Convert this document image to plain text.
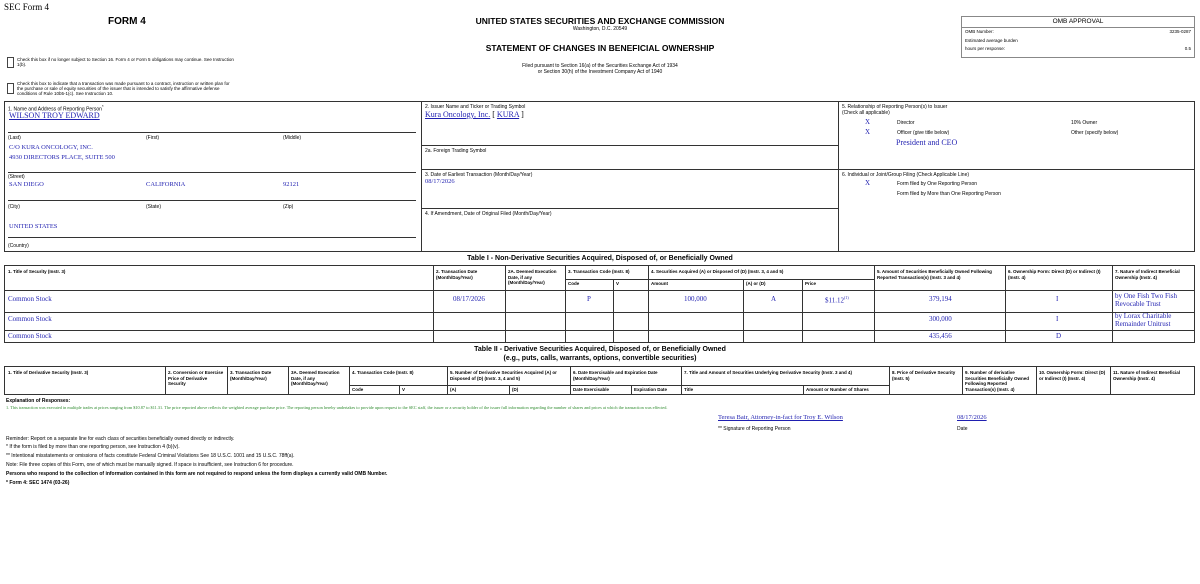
SEC Form 4
FORM 4	UNITED STATES SECURITIES AND EXCHANGE COMMISSION
Washington, D.C. 20549
STATEMENT OF CHANGES IN BENEFICIAL OWNERSHIP
Filed pursuant to Section 16(a) of the Securities Exchange Act of 1934
or Section 30(h) of the Investment Company Act of 1940
OMB APPROVAL
OMB Number:	3235-0287
Estimated average burden
hours per response:	0.5
Check this box if no longer subject to Section 16. Form 4 or Form 5 obligations may continue. See Instruction 1(b).
Check this box to indicate that a transaction was made pursuant to a contract, instruction or written plan for the purchase or sale of equity securities of the issuer that is intended to satisfy the affirmative defense conditions of Rule 10b5-1(c). See Instruction 10.
1. Name and Address of Reporting Person*
WILSON TROY EDWARD
(Last)	(First)	(Middle)
C/O KURA ONCOLOGY, INC.
4930 DIRECTORS PLACE, SUITE 500
(Street)
SAN DIEGO	CALIFORNIA	92121
(City)	(State)	(Zip)
UNITED STATES
(Country)
2. Issuer Name and Ticker or Trading Symbol
Kura Oncology, Inc. [ KURA ]
2a. Foreign Trading Symbol
3. Date of Earliest Transaction (Month/Day/Year)
08/17/2026
4. If Amendment, Date of Original Filed (Month/Day/Year)
5. Relationship of Reporting Person(s) to Issuer
(Check all applicable)
X	Director	10% Owner
X	Officer (give title below)	Other (specify below)
President and CEO
6. Individual or Joint/Group Filing (Check Applicable Line)
X	Form filed by One Reporting Person
Form filed by More than One Reporting Person
Table I - Non-Derivative Securities Acquired, Disposed of, or Beneficially Owned
1. Title of Security (Instr. 3)	2. Transaction Date (Month/Day/Year)
2A. Deemed Execution Date, if any (Month/Day/Year)
3. Transaction Code (Instr. 8)
Code	V
4. Securities Acquired (A) or Disposed Of (D) (Instr. 3, 4 and 5)
Amount	(A) or (D)	Price
5. Amount of Securities Beneficially Owned Following Reported Transaction(s) (Instr. 3 and 4)
6. Ownership Form: Direct (D) or Indirect (I) (Instr. 4)
7. Nature of Indirect Beneficial Ownership (Instr. 4)
Common Stock	08/17/2026	P	100,000	A	$11.12$^{(1)}$	379,194	I	by One Fish Two Fish Revocable Trust
Common Stock	300,000	I	by Lorax Charitable Remainder Unitrust
Common Stock	435,456	D
Table II - Derivative Securities Acquired, Disposed of, or Beneficially Owned
(e.g., puts, calls, warrants, options, convertible securities)
1. Title of Derivative Security (Instr. 3)	2. Conversion or Exercise Price of Derivative Security
3. Transaction Date (Month/Day/Year)
3A. Deemed Execution Date, if any (Month/Day/Year)
4. Transaction Code (Instr. 8)
Code	V
5. Number of Derivative Securities Acquired (A) or Disposed of (D) (Instr. 3, 4 and 5)
(A)	(D)
6. Date Exercisable and Expiration Date (Month/Day/Year)
Date Exercisable	Expiration Date
7. Title and Amount of Securities Underlying Derivative Security (Instr. 3 and 4)
Title	Amount or Number of Shares
8. Price of Derivative Security (Instr. 5)
9. Number of derivative Securities Beneficially Owned Following Reported Transaction(s) (Instr. 4)
10. Ownership Form: Direct (D) or Indirect (I) (Instr. 4)
11. Nature of Indirect Beneficial Ownership (Instr. 4)
Explanation of Responses:
1. This transaction was executed in multiple trades at prices ranging from $10.87 to $11.31. The price reported above reflects the weighted average purchase price. The reporting person hereby undertakes to provide upon request to the SEC staff, the issuer or a security holder of the issuer full information regarding the number of shares and prices at which the transaction was effected.
Teresa Bair, Attorney-in-fact for Troy E. Wilson
** Signature of Reporting Person
08/17/2026
Date
Reminder: Report on a separate line for each class of securities beneficially owned directly or indirectly.
* If the form is filed by more than one reporting person, see Instruction 4 (b)(v).
** Intentional misstatements or omissions of facts constitute Federal Criminal Violations See 18 U.S.C. 1001 and 15 U.S.C. 78ff(a).
Note: File three copies of this Form, one of which must be manually signed. If space is insufficient, see Instruction 6 for procedure.
Persons who respond to the collection of information contained in this form are not required to respond unless the form displays a currently valid OMB Number.
* Form 4: SEC 1474 (03-26)
